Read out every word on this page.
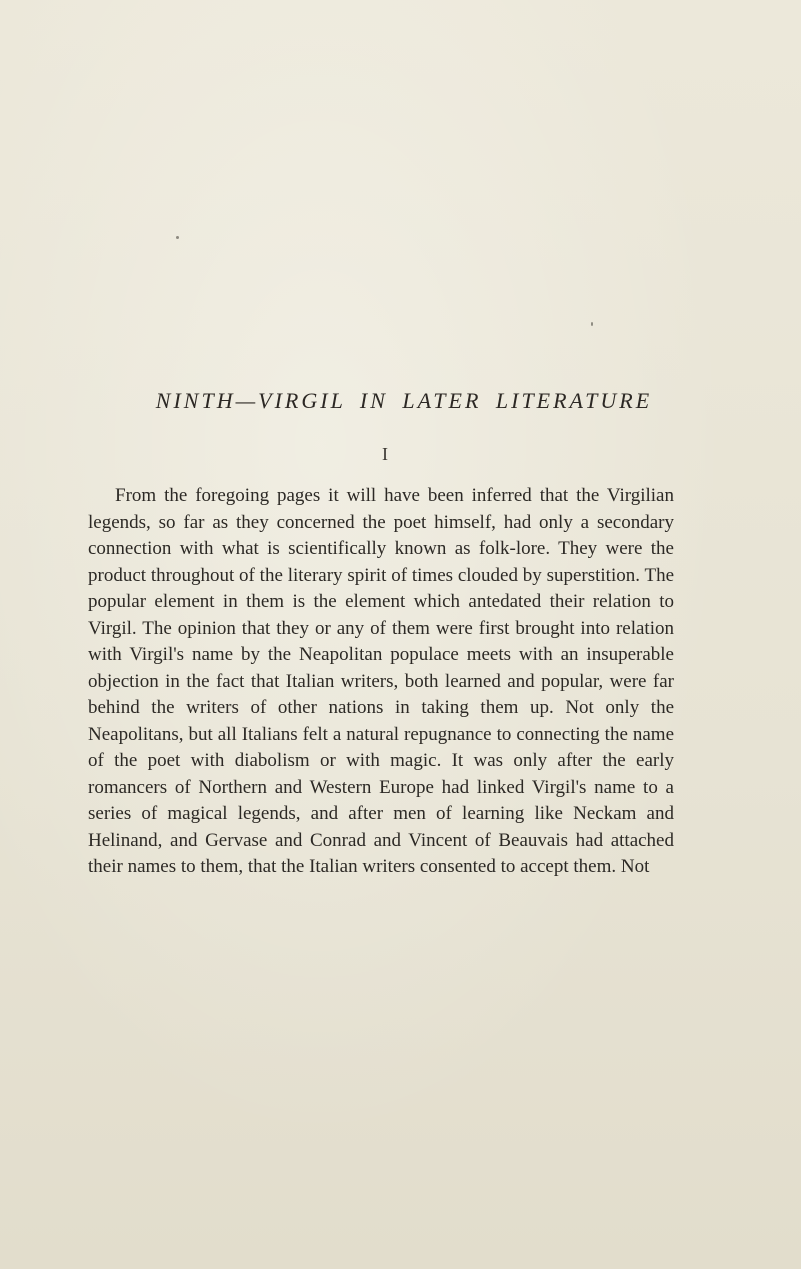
NINTH—VIRGIL IN LATER LITERATURE
I

From the foregoing pages it will have been inferred that the Virgilian legends, so far as they concerned the poet himself, had only a secondary connection with what is scientifically known as folk-lore. They were the product throughout of the literary spirit of times clouded by superstition. The popular element in them is the element which antedated their relation to Virgil. The opinion that they or any of them were first brought into relation with Virgil's name by the Neapolitan populace meets with an insuperable objection in the fact that Italian writers, both learned and popular, were far behind the writers of other nations in taking them up. Not only the Neapolitans, but all Italians felt a natural repugnance to connecting the name of the poet with diabolism or with magic. It was only after the early romancers of Northern and Western Europe had linked Virgil's name to a series of magical legends, and after men of learning like Neckam and Helinand, and Gervase and Conrad and Vincent of Beauvais had attached their names to them, that the Italian writers consented to accept them. Not
